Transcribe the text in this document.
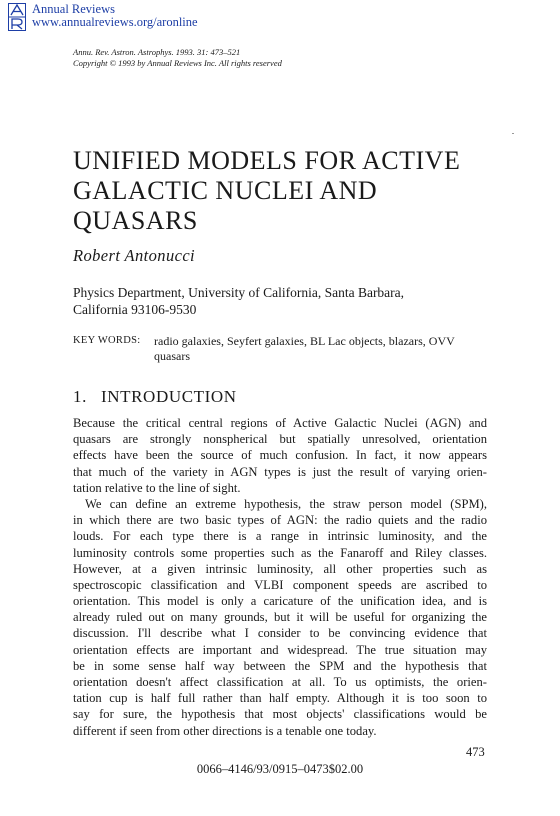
Annual Reviews
www.annualreviews.org/aronline
Annu. Rev. Astron. Astrophys. 1993. 31: 473–521
Copyright © 1993 by Annual Reviews Inc. All rights reserved
UNIFIED MODELS FOR ACTIVE
GALACTIC NUCLEI AND
QUASARS
Robert Antonucci
Physics Department, University of California, Santa Barbara,
California 93106-9530
KEY WORDS: radio galaxies, Seyfert galaxies, BL Lac objects, blazars, OVV
quasars
1. INTRODUCTION
Because the critical central regions of Active Galactic Nuclei (AGN) and
quasars are strongly nonspherical but spatially unresolved, orientation
effects have been the source of much confusion. In fact, it now appears
that much of the variety in AGN types is just the result of varying orien-
tation relative to the line of sight.
We can define an extreme hypothesis, the straw person model (SPM),
in which there are two basic types of AGN: the radio quiets and the radio
louds. For each type there is a range in intrinsic luminosity, and the
luminosity controls some properties such as the Fanaroff and Riley classes.
However, at a given intrinsic luminosity, all other properties such as
spectroscopic classification and VLBI component speeds are ascribed to
orientation. This model is only a caricature of the unification idea, and is
already ruled out on many grounds, but it will be useful for organizing the
discussion. I'll describe what I consider to be convincing evidence that
orientation effects are important and widespread. The true situation may
be in some sense half way between the SPM and the hypothesis that
orientation doesn't affect classification at all. To us optimists, the orien-
tation cup is half full rather than half empty. Although it is too soon to
say for sure, the hypothesis that most objects' classifications would be
different if seen from other directions is a tenable one today.
473
0066–4146/93/0915–0473$02.00
